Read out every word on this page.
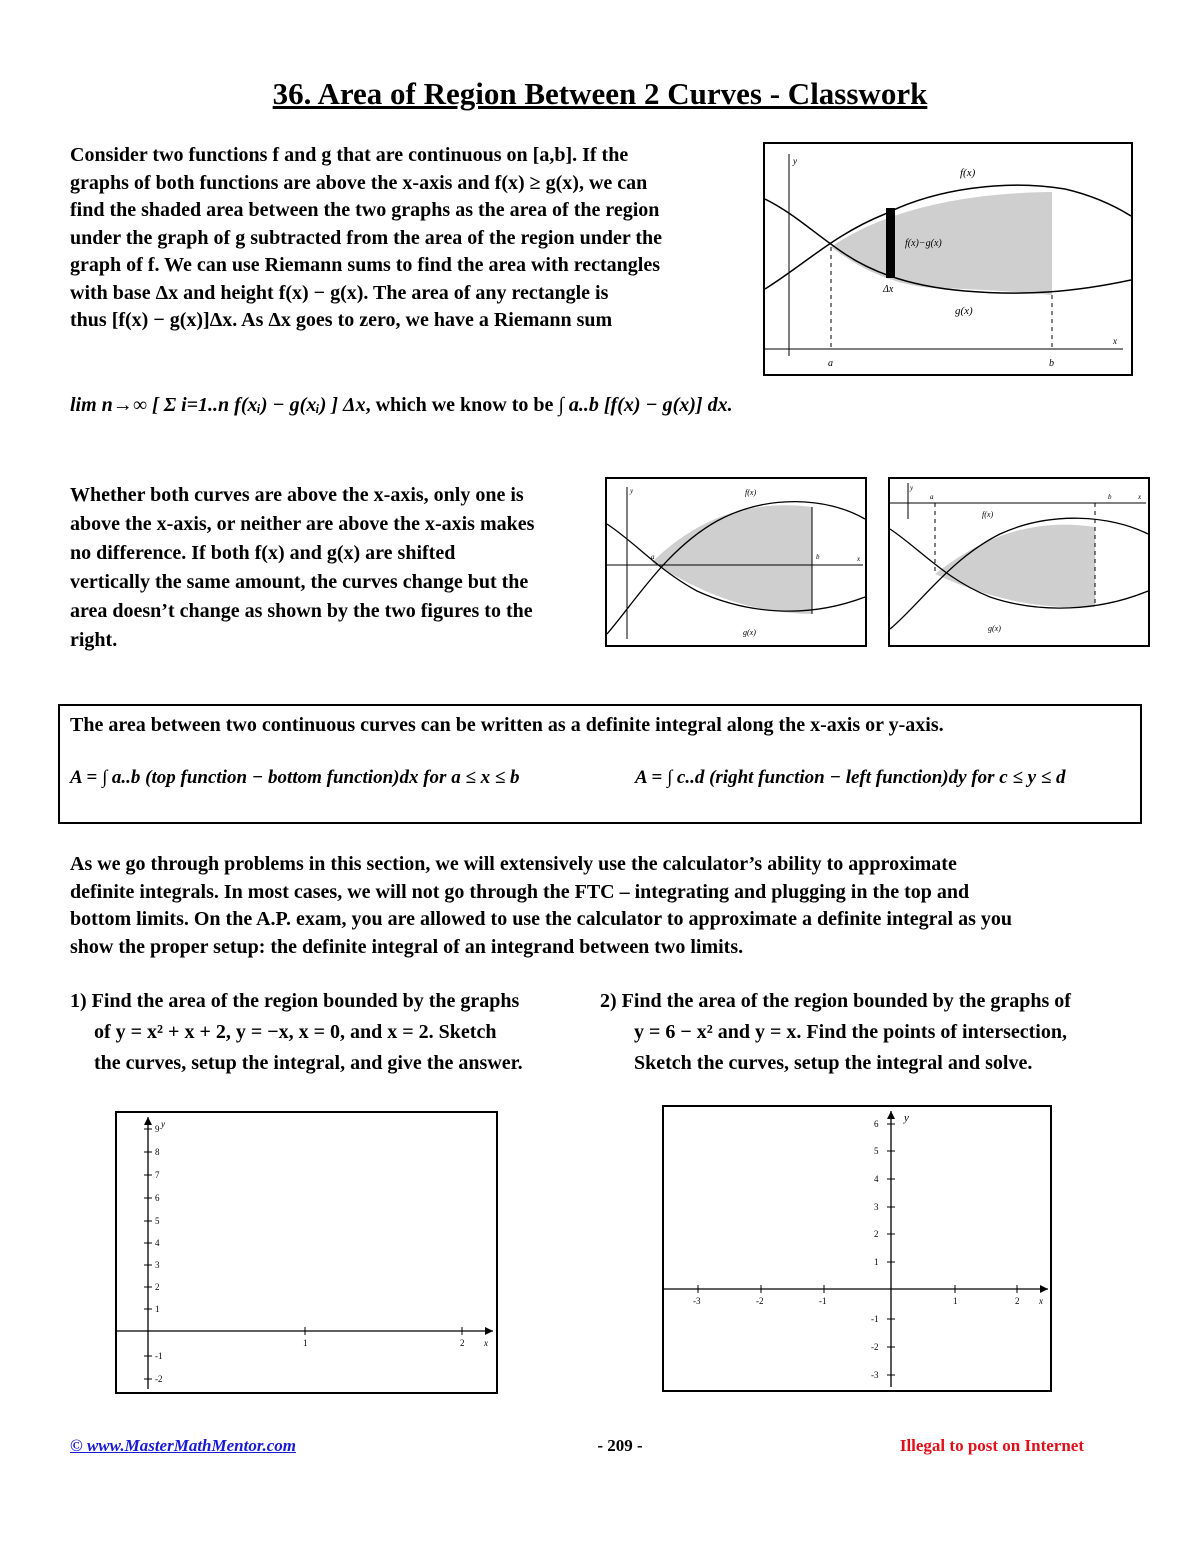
36. Area of Region Between 2 Curves - Classwork
Consider two functions f and g that are continuous on [a,b]. If the
graphs of both functions are above the x-axis and f(x) ≥ g(x), we can
find the shaded area between the two graphs as the area of the region
under the graph of g subtracted from the area of the region under the
graph of f. We can use Riemann sums to find the area with rectangles
with base Δx and height f(x) − g(x). The area of any rectangle is
thus [f(x) − g(x)]Δx. As Δx goes to zero, we have a Riemann sum
lim n→∞ [ Σ i=1..n f(xᵢ) − g(xᵢ) ] Δx, which we know to be ∫ a..b [f(x) − g(x)] dx.
f(x)
g(x)
f(x)−g(x)
Δx
a	b
y
x
Whether both curves are above the x-axis, only one is
above the x-axis, or neither are above the x-axis makes
no difference. If both f(x) and g(x) are shifted
vertically the same amount, the curves change but the
area doesn’t change as shown by the two figures to the
right.
f(x)
g(x)
a	b
y
x
f(x)
g(x)
a	b
y
x
The area between two continuous curves can be written as a definite integral along the x-axis or y-axis.
A = ∫ a..b (top function − bottom function)dx for a ≤ x ≤ b	A = ∫ c..d (right function − left function)dy for c ≤ y ≤ d
As we go through problems in this section, we will extensively use the calculator’s ability to approximate
definite integrals. In most cases, we will not go through the FTC – integrating and plugging in the top and
bottom limits. On the A.P. exam, you are allowed to use the calculator to approximate a definite integral as you
show the proper setup: the definite integral of an integrand between two limits.
1) Find the area of the region bounded by the graphs
of y = x² + x + 2, y = −x, x = 0, and x = 2. Sketch
the curves, setup the integral, and give the answer.
2) Find the area of the region bounded by the graphs of
y = 6 − x² and y = x. Find the points of intersection,
Sketch the curves, setup the integral and solve.
9
8
7
6
5
4
3
2
1
-1
-2
y
1	2 x
6
5
4
3
2
1
-1
-2
-3
y
-3	-2	-1	1	2 x
© www.MasterMathMentor.com	- 209 -	Illegal to post on Internet
